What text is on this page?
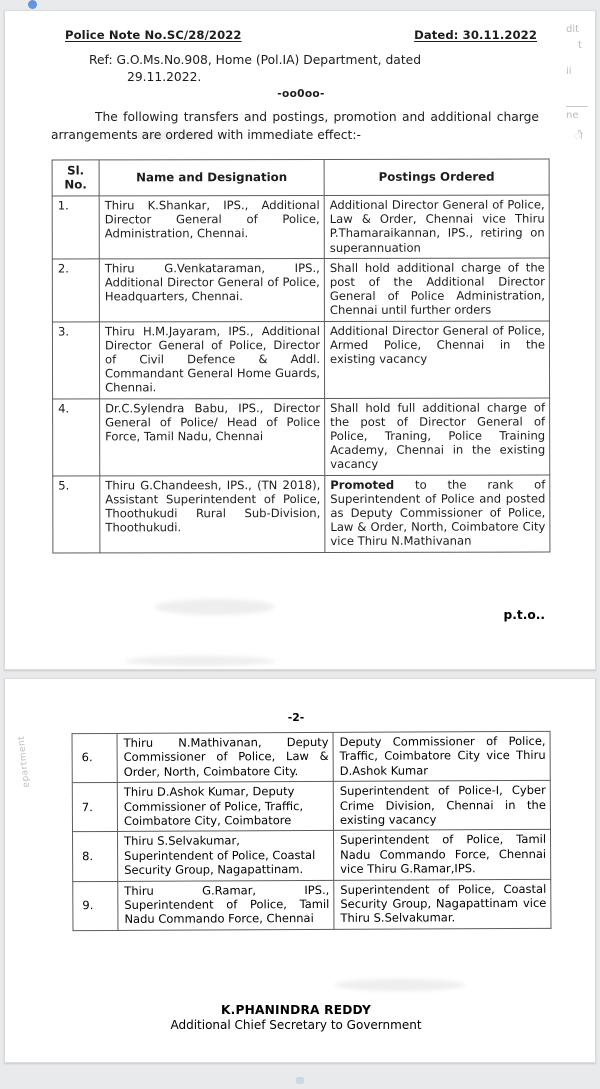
Police Note No.SC/28/2022	Dated: 30.11.2022
Ref: G.O.Ms.No.908, Home (Pol.IA) Department, dated
29.11.2022.
-oo0oo-
The following transfers and postings, promotion and additional charge arrangements are ordered with immediate effect:-
Sl.
No.	Name and Designation	Postings Ordered
1.	Thiru K.Shankar, IPS., Additional Director General of Police, Administration, Chennai.	Additional Director General of Police, Law & Order, Chennai vice Thiru P.Thamaraikannan, IPS., retiring on superannuation
2.	Thiru G.Venkataraman, IPS., Additional Director General of Police, Headquarters, Chennai.	Shall hold additional charge of the post of the Additional Director General of Police Administration, Chennai until further orders
3.	Thiru H.M.Jayaram, IPS., Additional Director General of Police, Director of Civil Defence & Addl. Commandant General Home Guards, Chennai.	Additional Director General of Police, Armed Police, Chennai in the existing vacancy
4.	Dr.C.Sylendra Babu, IPS., Director General of Police/ Head of Police Force, Tamil Nadu, Chennai	Shall hold full additional charge of the post of Director General of Police, Traning, Police Training Academy, Chennai in the existing vacancy
5.	Thiru G.Chandeesh, IPS., (TN 2018), Assistant Superintendent of Police, Thoothukudi Rural Sub-Division, Thoothukudi.	Promoted to the rank of Superintendent of Police and posted as Deputy Commissioner of Police, Law & Order, North, Coimbatore City vice Thiru N.Mathivanan
p.t.o..
-2-
6.	Thiru N.Mathivanan, Deputy Commissioner of Police, Law & Order, North, Coimbatore City.	Deputy Commissioner of Police, Traffic, Coimbatore City vice Thiru D.Ashok Kumar
7.	Thiru D.Ashok Kumar, Deputy Commissioner of Police, Traffic, Coimbatore City, Coimbatore	Superintendent of Police-I, Cyber Crime Division, Chennai in the existing vacancy
8.	Thiru S.Selvakumar, Superintendent of Police, Coastal Security Group, Nagapattinam.	Superintendent of Police, Tamil Nadu Commando Force, Chennai vice Thiru G.Ramar,IPS.
9.	Thiru G.Ramar, IPS., Superintendent of Police, Tamil Nadu Commando Force, Chennai	Superintendent of Police, Coastal Security Group, Nagapattinam vice Thiru S.Selvakumar.
K.PHANINDRA REDDY
Additional Chief Secretary to Government
dit
t
ii
ne
ी
epartment
